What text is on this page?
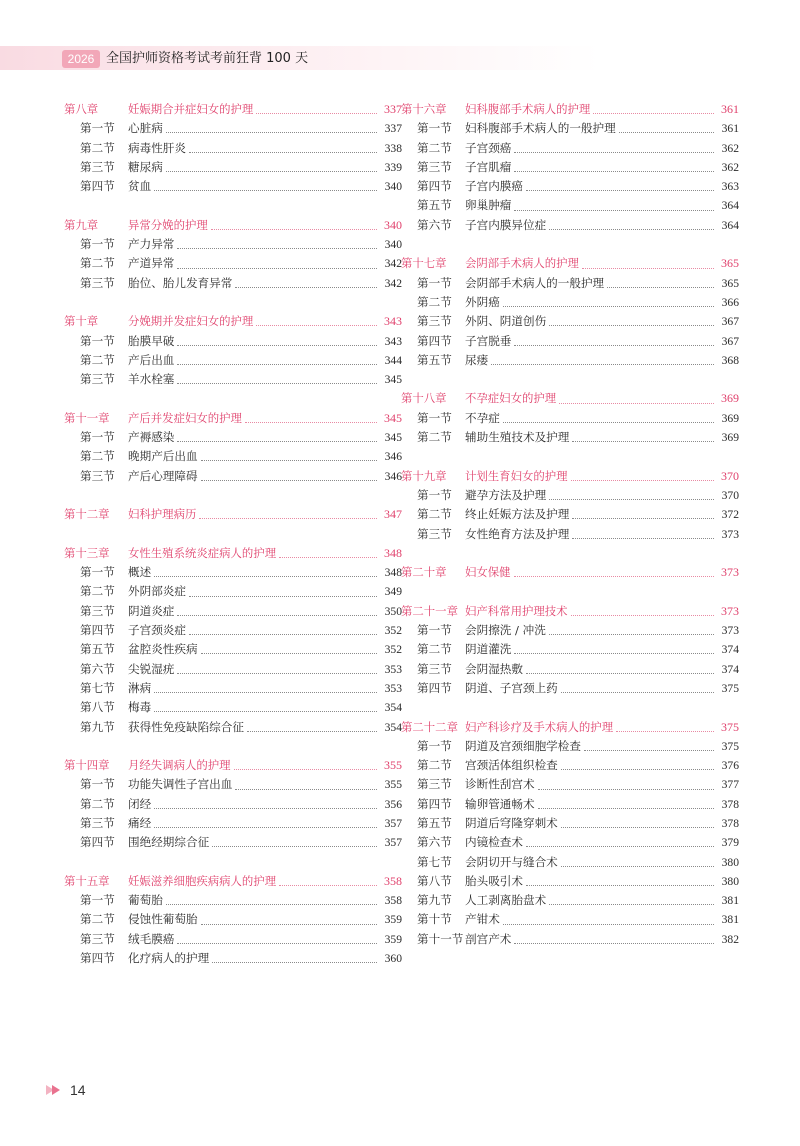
2026 全国护师资格考试考前狂背 100 天
第八章	妊娠期合并症妇女的护理	337
第一节	心脏病	337
第二节	病毒性肝炎	338
第三节	糖尿病	339
第四节	贫血	340
第九章	异常分娩的护理	340
第一节	产力异常	340
第二节	产道异常	342
第三节	胎位、胎儿发育异常	342
第十章	分娩期并发症妇女的护理	343
第一节	胎膜早破	343
第二节	产后出血	344
第三节	羊水栓塞	345
第十一章	产后并发症妇女的护理	345
第一节	产褥感染	345
第二节	晚期产后出血	346
第三节	产后心理障碍	346
第十二章	妇科护理病历	347
第十三章	女性生殖系统炎症病人的护理	348
第一节	概述	348
第二节	外阴部炎症	349
第三节	阴道炎症	350
第四节	子宫颈炎症	352
第五节	盆腔炎性疾病	352
第六节	尖锐湿疣	353
第七节	淋病	353
第八节	梅毒	354
第九节	获得性免疫缺陷综合征	354
第十四章	月经失调病人的护理	355
第一节	功能失调性子宫出血	355
第二节	闭经	356
第三节	痛经	357
第四节	围绝经期综合征	357
第十五章	妊娠滋养细胞疾病病人的护理	358
第一节	葡萄胎	358
第二节	侵蚀性葡萄胎	359
第三节	绒毛膜癌	359
第四节	化疗病人的护理	360
第十六章	妇科腹部手术病人的护理	361
第一节	妇科腹部手术病人的一般护理	361
第二节	子宫颈癌	362
第三节	子宫肌瘤	362
第四节	子宫内膜癌	363
第五节	卵巢肿瘤	364
第六节	子宫内膜异位症	364
第十七章	会阴部手术病人的护理	365
第一节	会阴部手术病人的一般护理	365
第二节	外阴癌	366
第三节	外阴、阴道创伤	367
第四节	子宫脱垂	367
第五节	尿瘘	368
第十八章	不孕症妇女的护理	369
第一节	不孕症	369
第二节	辅助生殖技术及护理	369
第十九章	计划生育妇女的护理	370
第一节	避孕方法及护理	370
第二节	终止妊娠方法及护理	372
第三节	女性绝育方法及护理	373
第二十章	妇女保健	373
第二十一章 妇产科常用护理技术	373
第一节	会阴擦洗 / 冲洗	373
第二节	阴道灌洗	374
第三节	会阴湿热敷	374
第四节	阴道、子宫颈上药	375
第二十二章 妇产科诊疗及手术病人的护理	375
第一节	阴道及宫颈细胞学检查	375
第二节	宫颈活体组织检查	376
第三节	诊断性刮宫术	377
第四节	输卵管通畅术	378
第五节	阴道后穹隆穿刺术	378
第六节	内镜检查术	379
第七节	会阴切开与缝合术	380
第八节	胎头吸引术	380
第九节	人工剥离胎盘术	381
第十节	产钳术	381
第十一节 剖宫产术	382
14
